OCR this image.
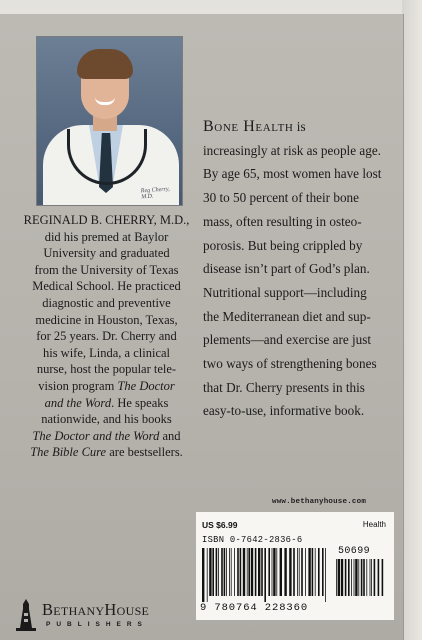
Reg Cherry, M.D.
REGINALD B. CHERRY, M.D.,
did his premed at Baylor
University and graduated
from the University of Texas
Medical School. He practiced
diagnostic and preventive
medicine in Houston, Texas,
for 25 years. Dr. Cherry and
his wife, Linda, a clinical
nurse, host the popular tele-
vision program The Doctor
and the Word. He speaks
nationwide, and his books
The Doctor and the Word and
The Bible Cure are bestsellers.
Bone Health is
increasingly at risk as people age.
By age 65, most women have lost
30 to 50 percent of their bone
mass, often resulting in osteo-
porosis. But being crippled by
disease isn’t part of God’s plan.
Nutritional support—including
the Mediterranean diet and sup-
plements—and exercise are just
two ways of strengthening bones
that Dr. Cherry presents in this
easy-to-use, informative book.
www.bethanyhouse.com
US $6.99	Health
ISBN 0-7642-2836-6
50699
9 780764 228360
BethanyHouse
PUBLISHERS
